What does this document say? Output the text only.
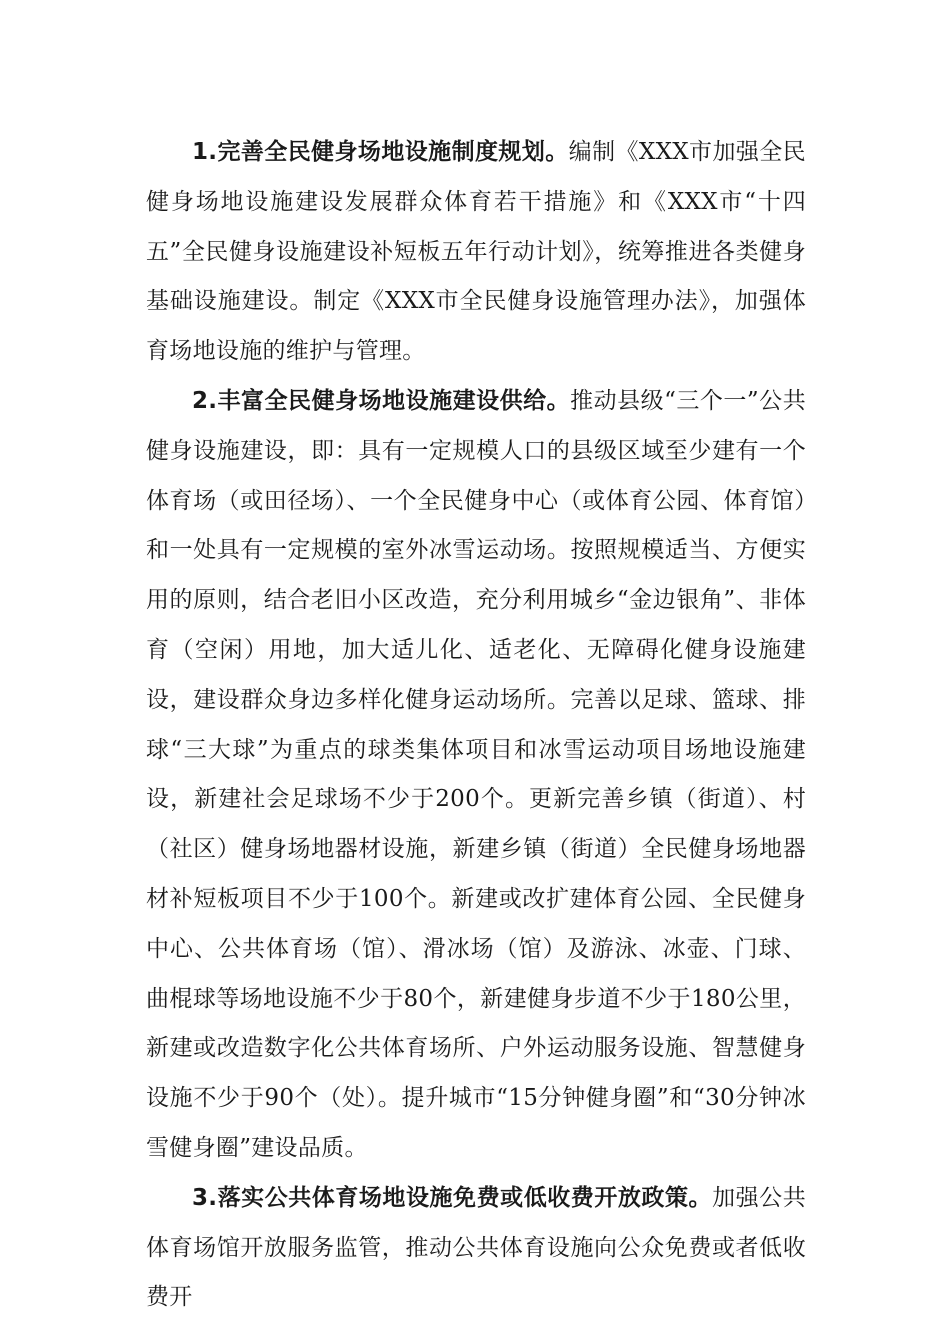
1.完善全民健身场地设施制度规划。编制《XXX市加强全民健身场地设施建设发展群众体育若干措施》和《XXX市“十四五”全民健身设施建设补短板五年行动计划》，统筹推进各类健身基础设施建设。制定《XXX市全民健身设施管理办法》，加强体育场地设施的维护与管理。

2.丰富全民健身场地设施建设供给。推动县级“三个一”公共健身设施建设，即：具有一定规模人口的县级区域至少建有一个体育场（或田径场）、一个全民健身中心（或体育公园、体育馆）和一处具有一定规模的室外冰雪运动场。按照规模适当、方便实用的原则，结合老旧小区改造，充分利用城乡“金边银角”、非体育（空闲）用地，加大适儿化、适老化、无障碍化健身设施建设，建设群众身边多样化健身运动场所。完善以足球、篮球、排球“三大球”为重点的球类集体项目和冰雪运动项目场地设施建设，新建社会足球场不少于200个。更新完善乡镇（街道）、村（社区）健身场地器材设施，新建乡镇（街道）全民健身场地器材补短板项目不少于100个。新建或改扩建体育公园、全民健身中心、公共体育场（馆）、滑冰场（馆）及游泳、冰壶、门球、曲棍球等场地设施不少于80个，新建健身步道不少于180公里，新建或改造数字化公共体育场所、户外运动服务设施、智慧健身设施不少于90个（处）。提升城市“15分钟健身圈”和“30分钟冰雪健身圈”建设品质。

3.落实公共体育场地设施免费或低收费开放政策。加强公共体育场馆开放服务监管，推动公共体育设施向公众免费或者低收费开
